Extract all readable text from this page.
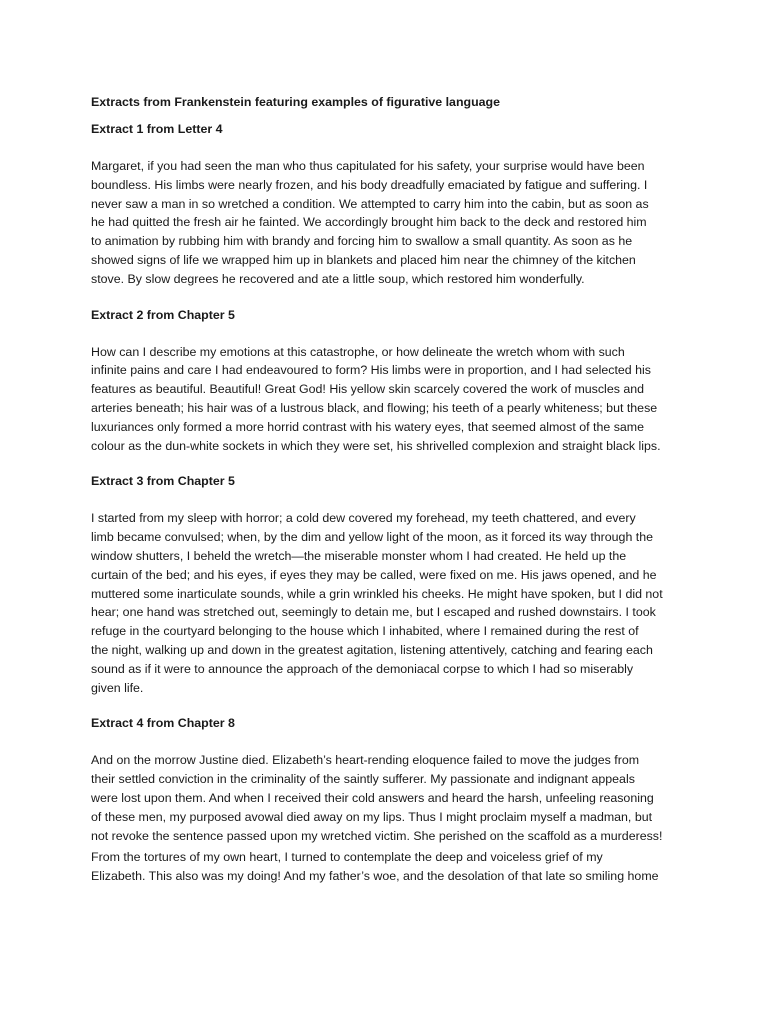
Extracts from Frankenstein featuring examples of figurative language
Extract 1 from Letter 4
Margaret, if you had seen the man who thus capitulated for his safety, your surprise would have been
boundless. His limbs were nearly frozen, and his body dreadfully emaciated by fatigue and suffering. I
never saw a man in so wretched a condition. We attempted to carry him into the cabin, but as soon as
he had quitted the fresh air he fainted. We accordingly brought him back to the deck and restored him
to animation by rubbing him with brandy and forcing him to swallow a small quantity. As soon as he
showed signs of life we wrapped him up in blankets and placed him near the chimney of the kitchen
stove. By slow degrees he recovered and ate a little soup, which restored him wonderfully.
Extract 2 from Chapter 5
How can I describe my emotions at this catastrophe, or how delineate the wretch whom with such
infinite pains and care I had endeavoured to form? His limbs were in proportion, and I had selected his
features as beautiful. Beautiful! Great God! His yellow skin scarcely covered the work of muscles and
arteries beneath; his hair was of a lustrous black, and flowing; his teeth of a pearly whiteness; but these
luxuriances only formed a more horrid contrast with his watery eyes, that seemed almost of the same
colour as the dun-white sockets in which they were set, his shrivelled complexion and straight black lips.
Extract 3 from Chapter 5
I started from my sleep with horror; a cold dew covered my forehead, my teeth chattered, and every
limb became convulsed; when, by the dim and yellow light of the moon, as it forced its way through the
window shutters, I beheld the wretch—the miserable monster whom I had created. He held up the
curtain of the bed; and his eyes, if eyes they may be called, were fixed on me. His jaws opened, and he
muttered some inarticulate sounds, while a grin wrinkled his cheeks. He might have spoken, but I did not
hear; one hand was stretched out, seemingly to detain me, but I escaped and rushed downstairs. I took
refuge in the courtyard belonging to the house which I inhabited, where I remained during the rest of
the night, walking up and down in the greatest agitation, listening attentively, catching and fearing each
sound as if it were to announce the approach of the demoniacal corpse to which I had so miserably
given life.
Extract 4 from Chapter 8
And on the morrow Justine died. Elizabeth’s heart-rending eloquence failed to move the judges from
their settled conviction in the criminality of the saintly sufferer. My passionate and indignant appeals
were lost upon them. And when I received their cold answers and heard the harsh, unfeeling reasoning
of these men, my purposed avowal died away on my lips. Thus I might proclaim myself a madman, but
not revoke the sentence passed upon my wretched victim. She perished on the scaffold as a murderess!
From the tortures of my own heart, I turned to contemplate the deep and voiceless grief of my
Elizabeth. This also was my doing! And my father’s woe, and the desolation of that late so smiling home
